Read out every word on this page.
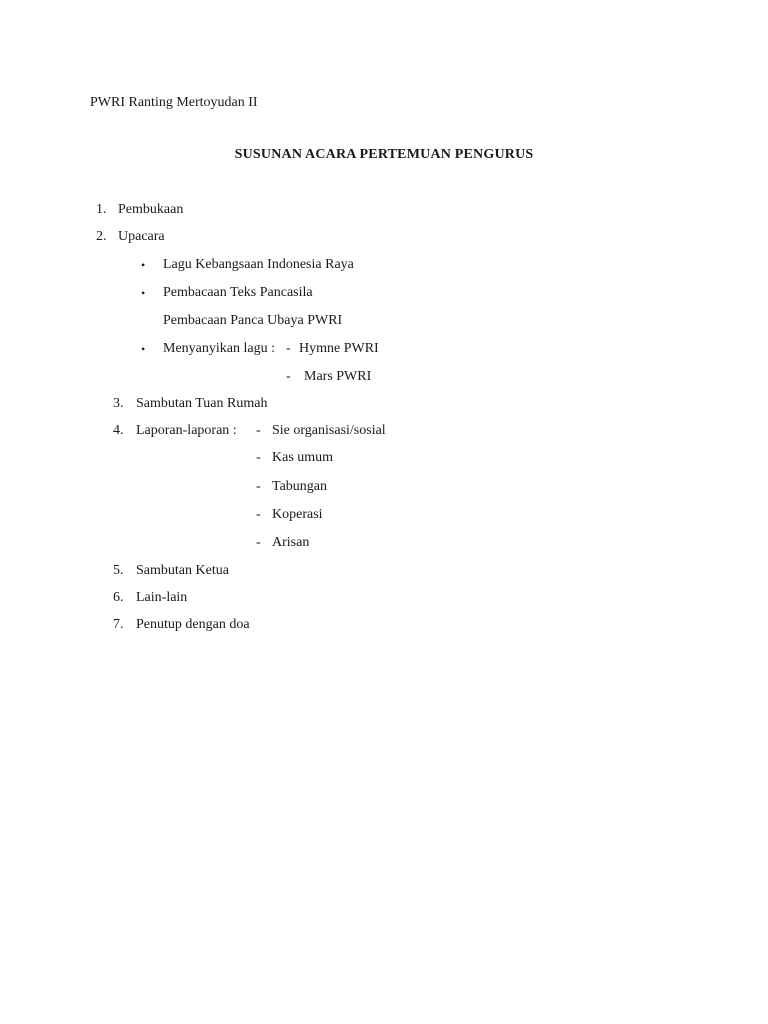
PWRI Ranting Mertoyudan II
SUSUNAN ACARA PERTEMUAN PENGURUS
1. Pembukaan
2. Upacara
• Lagu Kebangsaan Indonesia Raya
• Pembacaan Teks Pancasila
Pembacaan Panca Ubaya PWRI
• Menyanyikan lagu : - Hymne PWRI
- Mars PWRI
3. Sambutan Tuan Rumah
4. Laporan-laporan : - Sie organisasi/sosial
- Kas umum
- Tabungan
- Koperasi
- Arisan
5. Sambutan Ketua
6. Lain-lain
7. Penutup dengan doa
